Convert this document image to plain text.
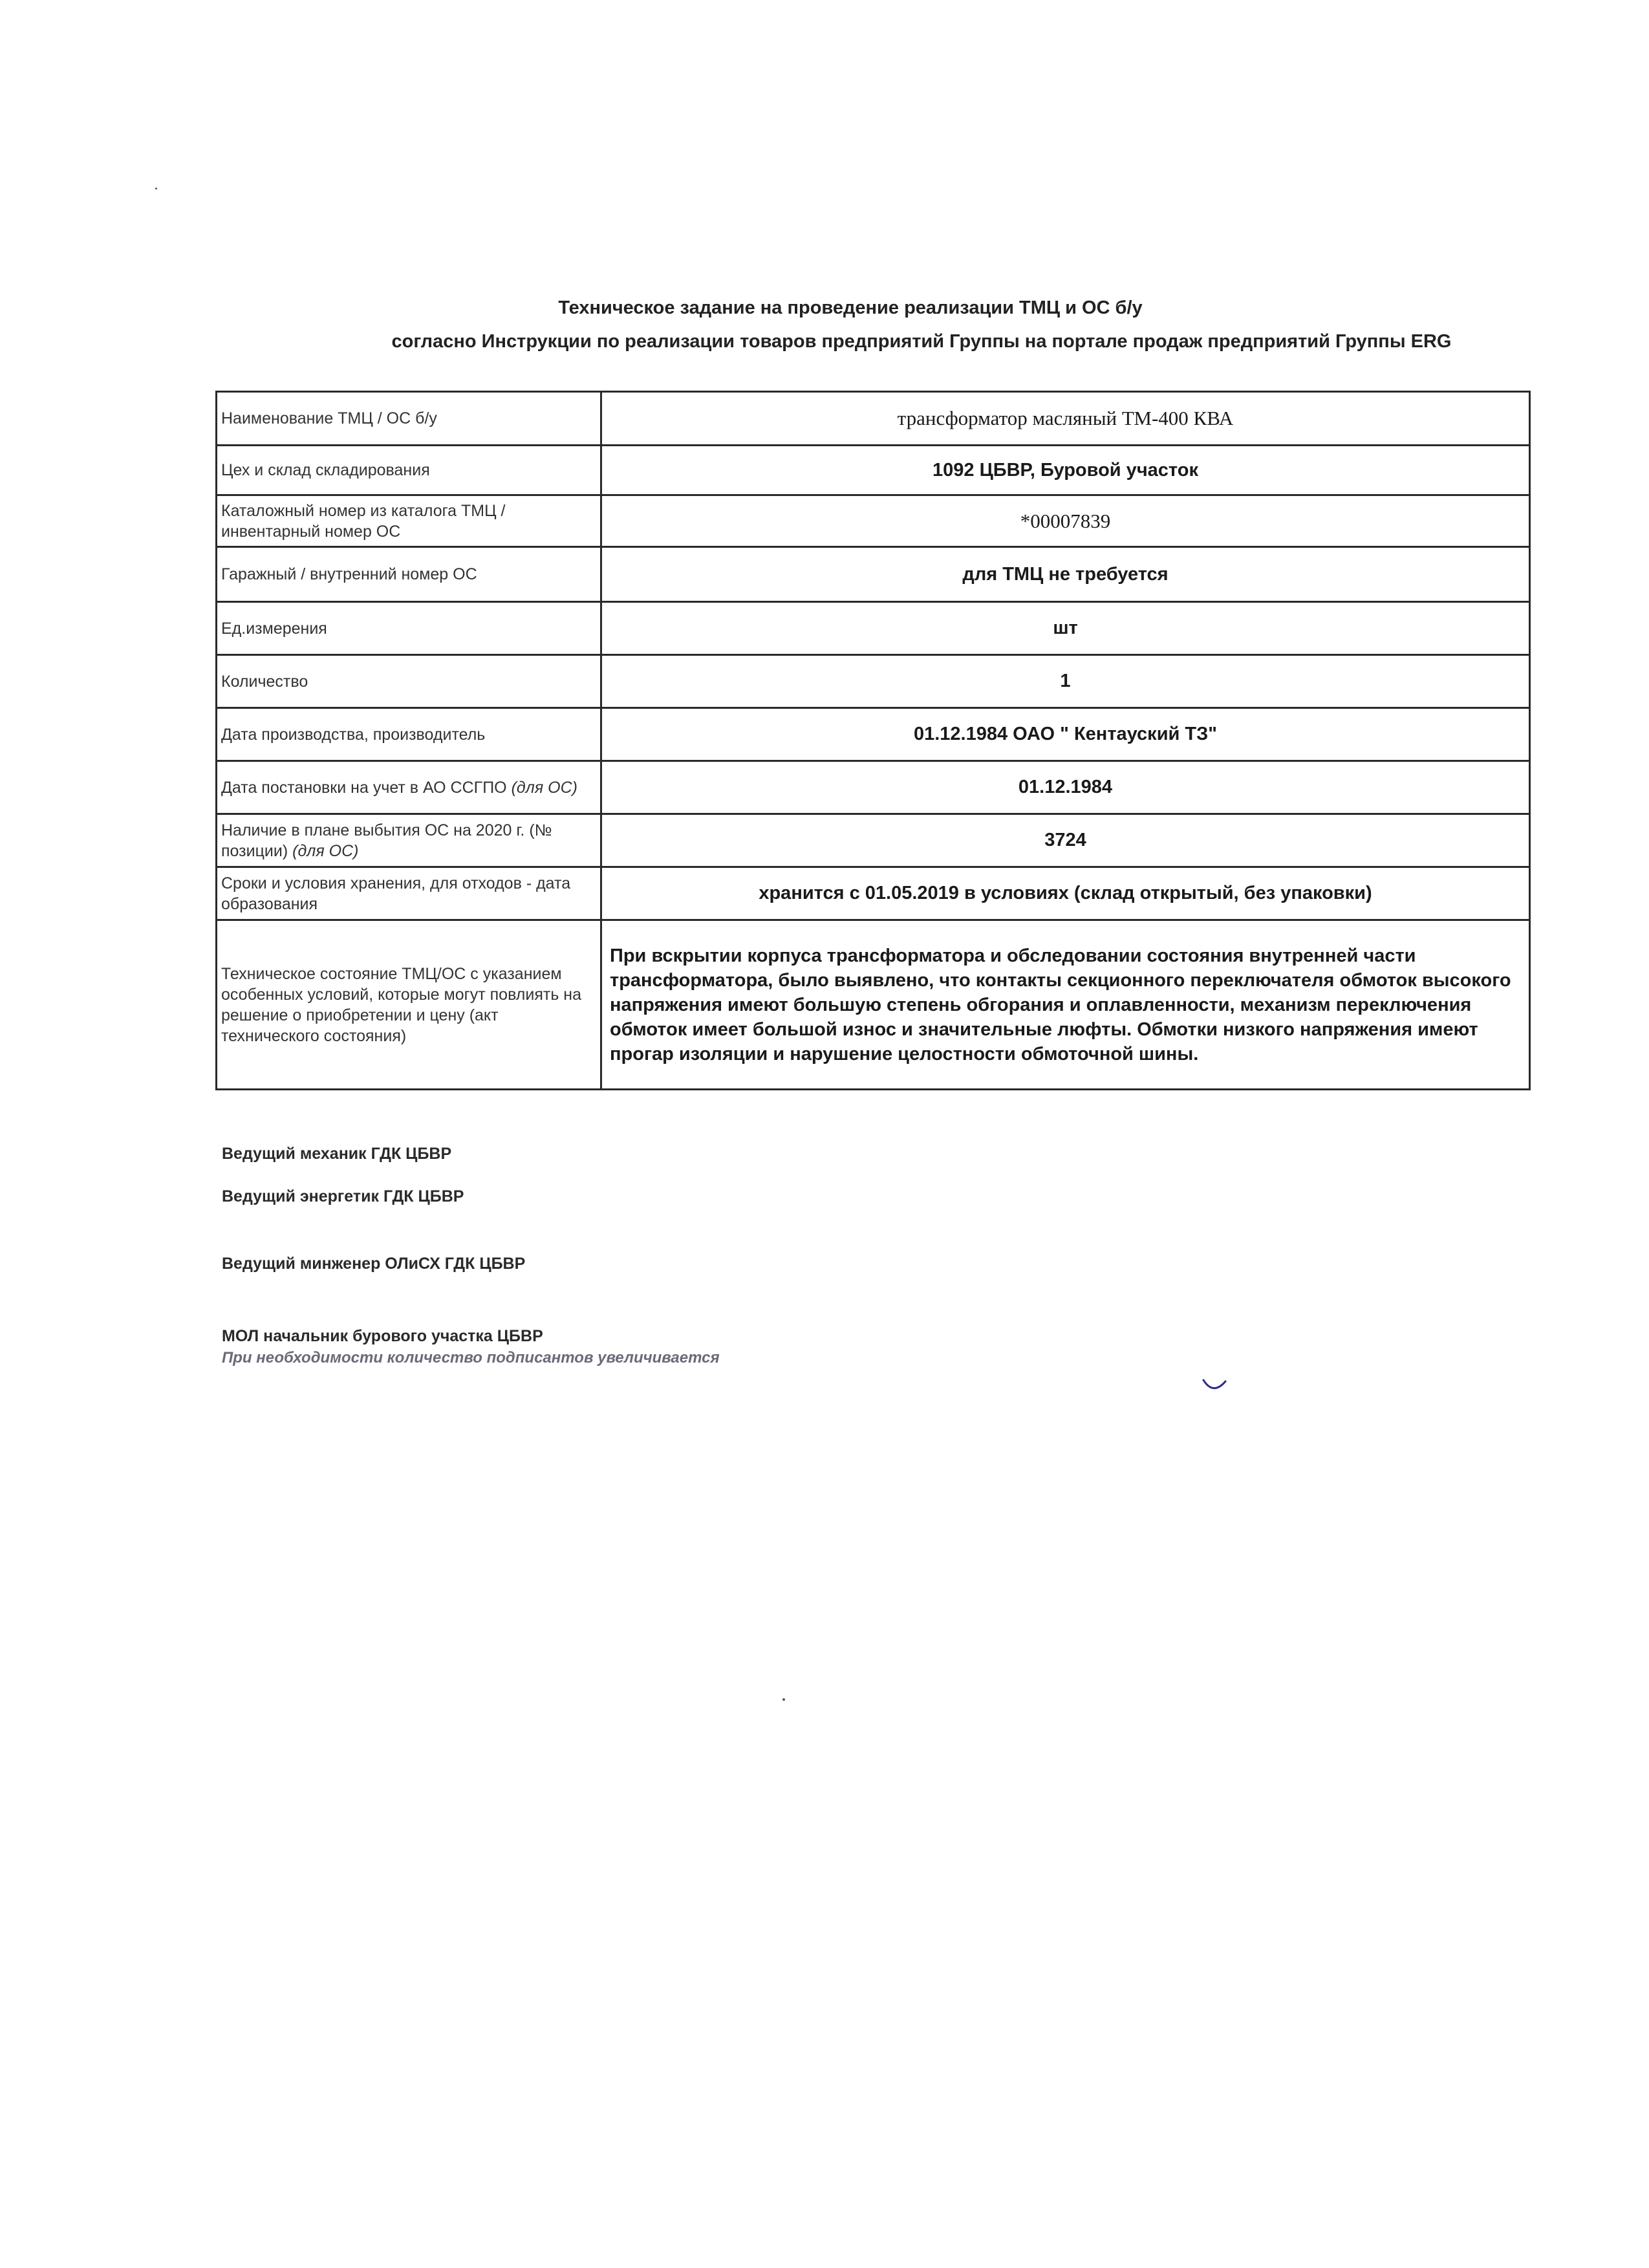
Техническое задание на проведение реализации ТМЦ и ОС б/у
согласно Инструкции по реализации товаров предприятий Группы на портале продаж предприятий Группы ERG
Наименование ТМЦ / ОС б/у	трансформатор масляный ТМ-400 КВА
Цех и склад складирования	1092 ЦБВР, Буровой участок
Каталожный номер из каталога ТМЦ / инвентарный номер ОС	*00007839
Гаражный / внутренний номер ОС	для ТМЦ не требуется
Ед.измерения	шт
Количество	1
Дата производства, производитель	01.12.1984 ОАО " Кентауский ТЗ"
Дата постановки на учет в АО ССГПО (для ОС)	01.12.1984
Наличие в плане выбытия ОС на 2020 г. (№ позиции) (для ОС)	3724
Сроки и условия хранения, для отходов - дата образования	хранится с 01.05.2019 в условиях (склад открытый, без упаковки)
Техническое состояние ТМЦ/ОС с указанием особенных условий, которые могут повлиять на решение о приобретении и цену (акт технического состояния)	При вскрытии корпуса трансформатора и обследовании состояния внутренней части трансформатора, было выявлено, что контакты секционного переключателя обмоток высокого напряжения имеют большую степень обгорания и оплавленности, механизм переключения обмоток имеет большой износ и значительные люфты. Обмотки низкого напряжения имеют прогар изоляции и нарушение целостности обмоточной шины.
Ведущий механик ГДК ЦБВР
Ведущий энергетик ГДК ЦБВР
Ведущий минженер ОЛиСХ ГДК ЦБВР
МОЛ начальник бурового участка ЦБВР
При необходимости количество подписантов увеличивается
